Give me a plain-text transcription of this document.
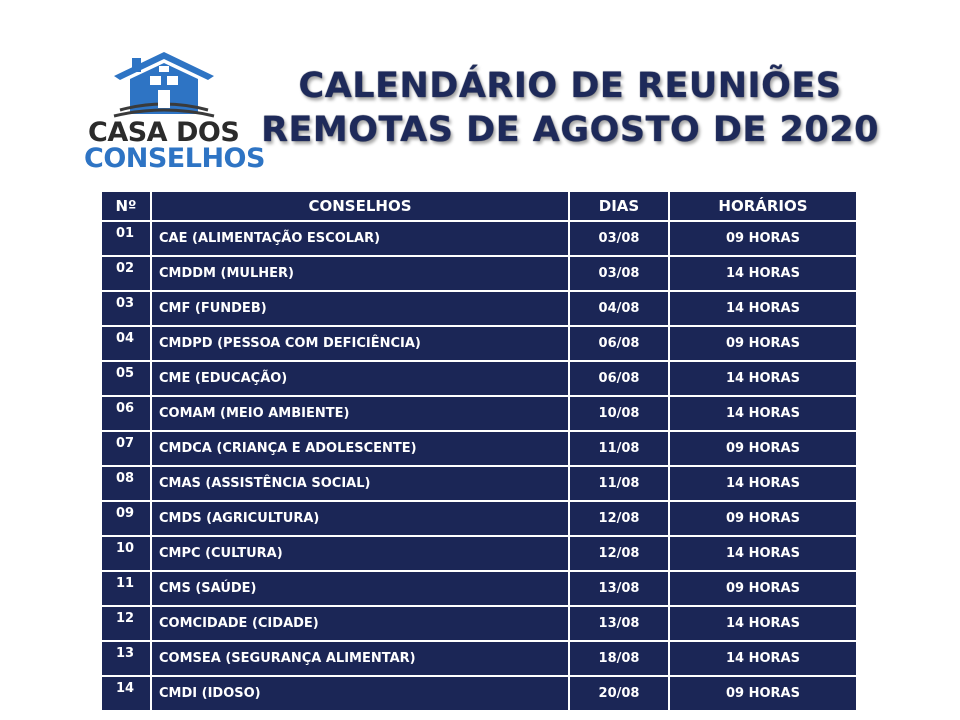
CASA DOS
CONSELHOS
CALENDÁRIO DE REUNIÕES
REMOTAS DE AGOSTO DE 2020
Nº	CONSELHOS	DIAS	HORÁRIOS
01	CAE (ALIMENTAÇÃO ESCOLAR)	03/08	09 HORAS
02	CMDDM (MULHER)	03/08	14 HORAS
03	CMF (FUNDEB)	04/08	14 HORAS
04	CMDPD (PESSOA COM DEFICIÊNCIA)	06/08	09 HORAS
05	CME (EDUCAÇÃO)	06/08	14 HORAS
06	COMAM (MEIO AMBIENTE)	10/08	14 HORAS
07	CMDCA (CRIANÇA E ADOLESCENTE)	11/08	09 HORAS
08	CMAS (ASSISTÊNCIA SOCIAL)	11/08	14 HORAS
09	CMDS (AGRICULTURA)	12/08	09 HORAS
10	CMPC (CULTURA)	12/08	14 HORAS
11	CMS (SAÚDE)	13/08	09 HORAS
12	COMCIDADE (CIDADE)	13/08	14 HORAS
13	COMSEA (SEGURANÇA ALIMENTAR)	18/08	14 HORAS
14	CMDI (IDOSO)	20/08	09 HORAS
